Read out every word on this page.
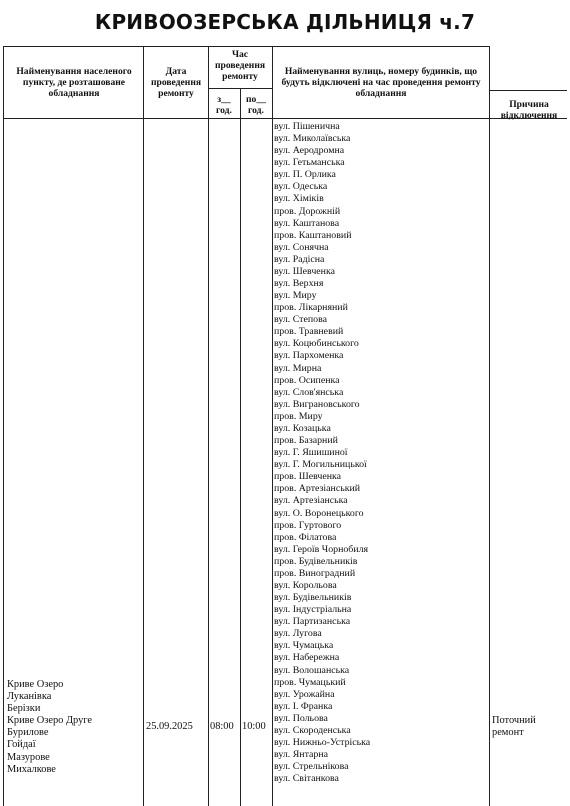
КРИВООЗЕРСЬКА ДІЛЬНИЦЯ ч.7
Найменування населеного пункту, де розташоване обладнання
Дата проведення ремонту
Час проведення ремонту
з__ год.
по__ год.
Найменування вулиць, номеру будинків, що будуть відключені на час проведення ремонту обладнання
Причина відключення
Криве Озеро
Луканівка
Берізки
Криве Озеро Друге
Бурилове
Гойдаї
Мазурове
Михалкове
25.09.2025 08:00 10:00
Поточний ремонт
вул. Пішенична
вул. Миколаївська
вул. Аеродромна
вул. Гетьманська
вул. П. Орлика
вул. Одеська
вул. Хіміків
пров. Дорожній
вул. Каштанова
пров. Каштановий
вул. Сонячна
вул. Радісна
вул. Шевченка
вул. Верхня
вул. Миру
пров. Лікарняний
вул. Степова
пров. Травневий
вул. Коцюбинського
вул. Пархоменка
вул. Мирна
пров. Осипенка
вул. Слов'янська
вул. Виграновського
пров. Миру
вул. Козацька
пров. Базарний
вул. Г. Яшишиної
вул. Г. Могильницької
пров. Шевченка
пров. Артезіанський
вул. Артезіанська
вул. О. Воронецького
пров. Гуртового
пров. Філатова
вул. Героїв Чорнобиля
пров. Будівельників
пров. Виноградний
вул. Корольова
вул. Будівельників
вул. Індустріальна
вул. Партизанська
вул. Лугова
вул. Чумацька
вул. Набережна
вул. Волошанська
пров. Чумацький
вул. Урожайна
вул. І. Франка
вул. Польова
вул. Скороденська
вул. Нижньо-Устріська
вул. Янтарна
вул. Стрельнікова
вул. Світанкова
